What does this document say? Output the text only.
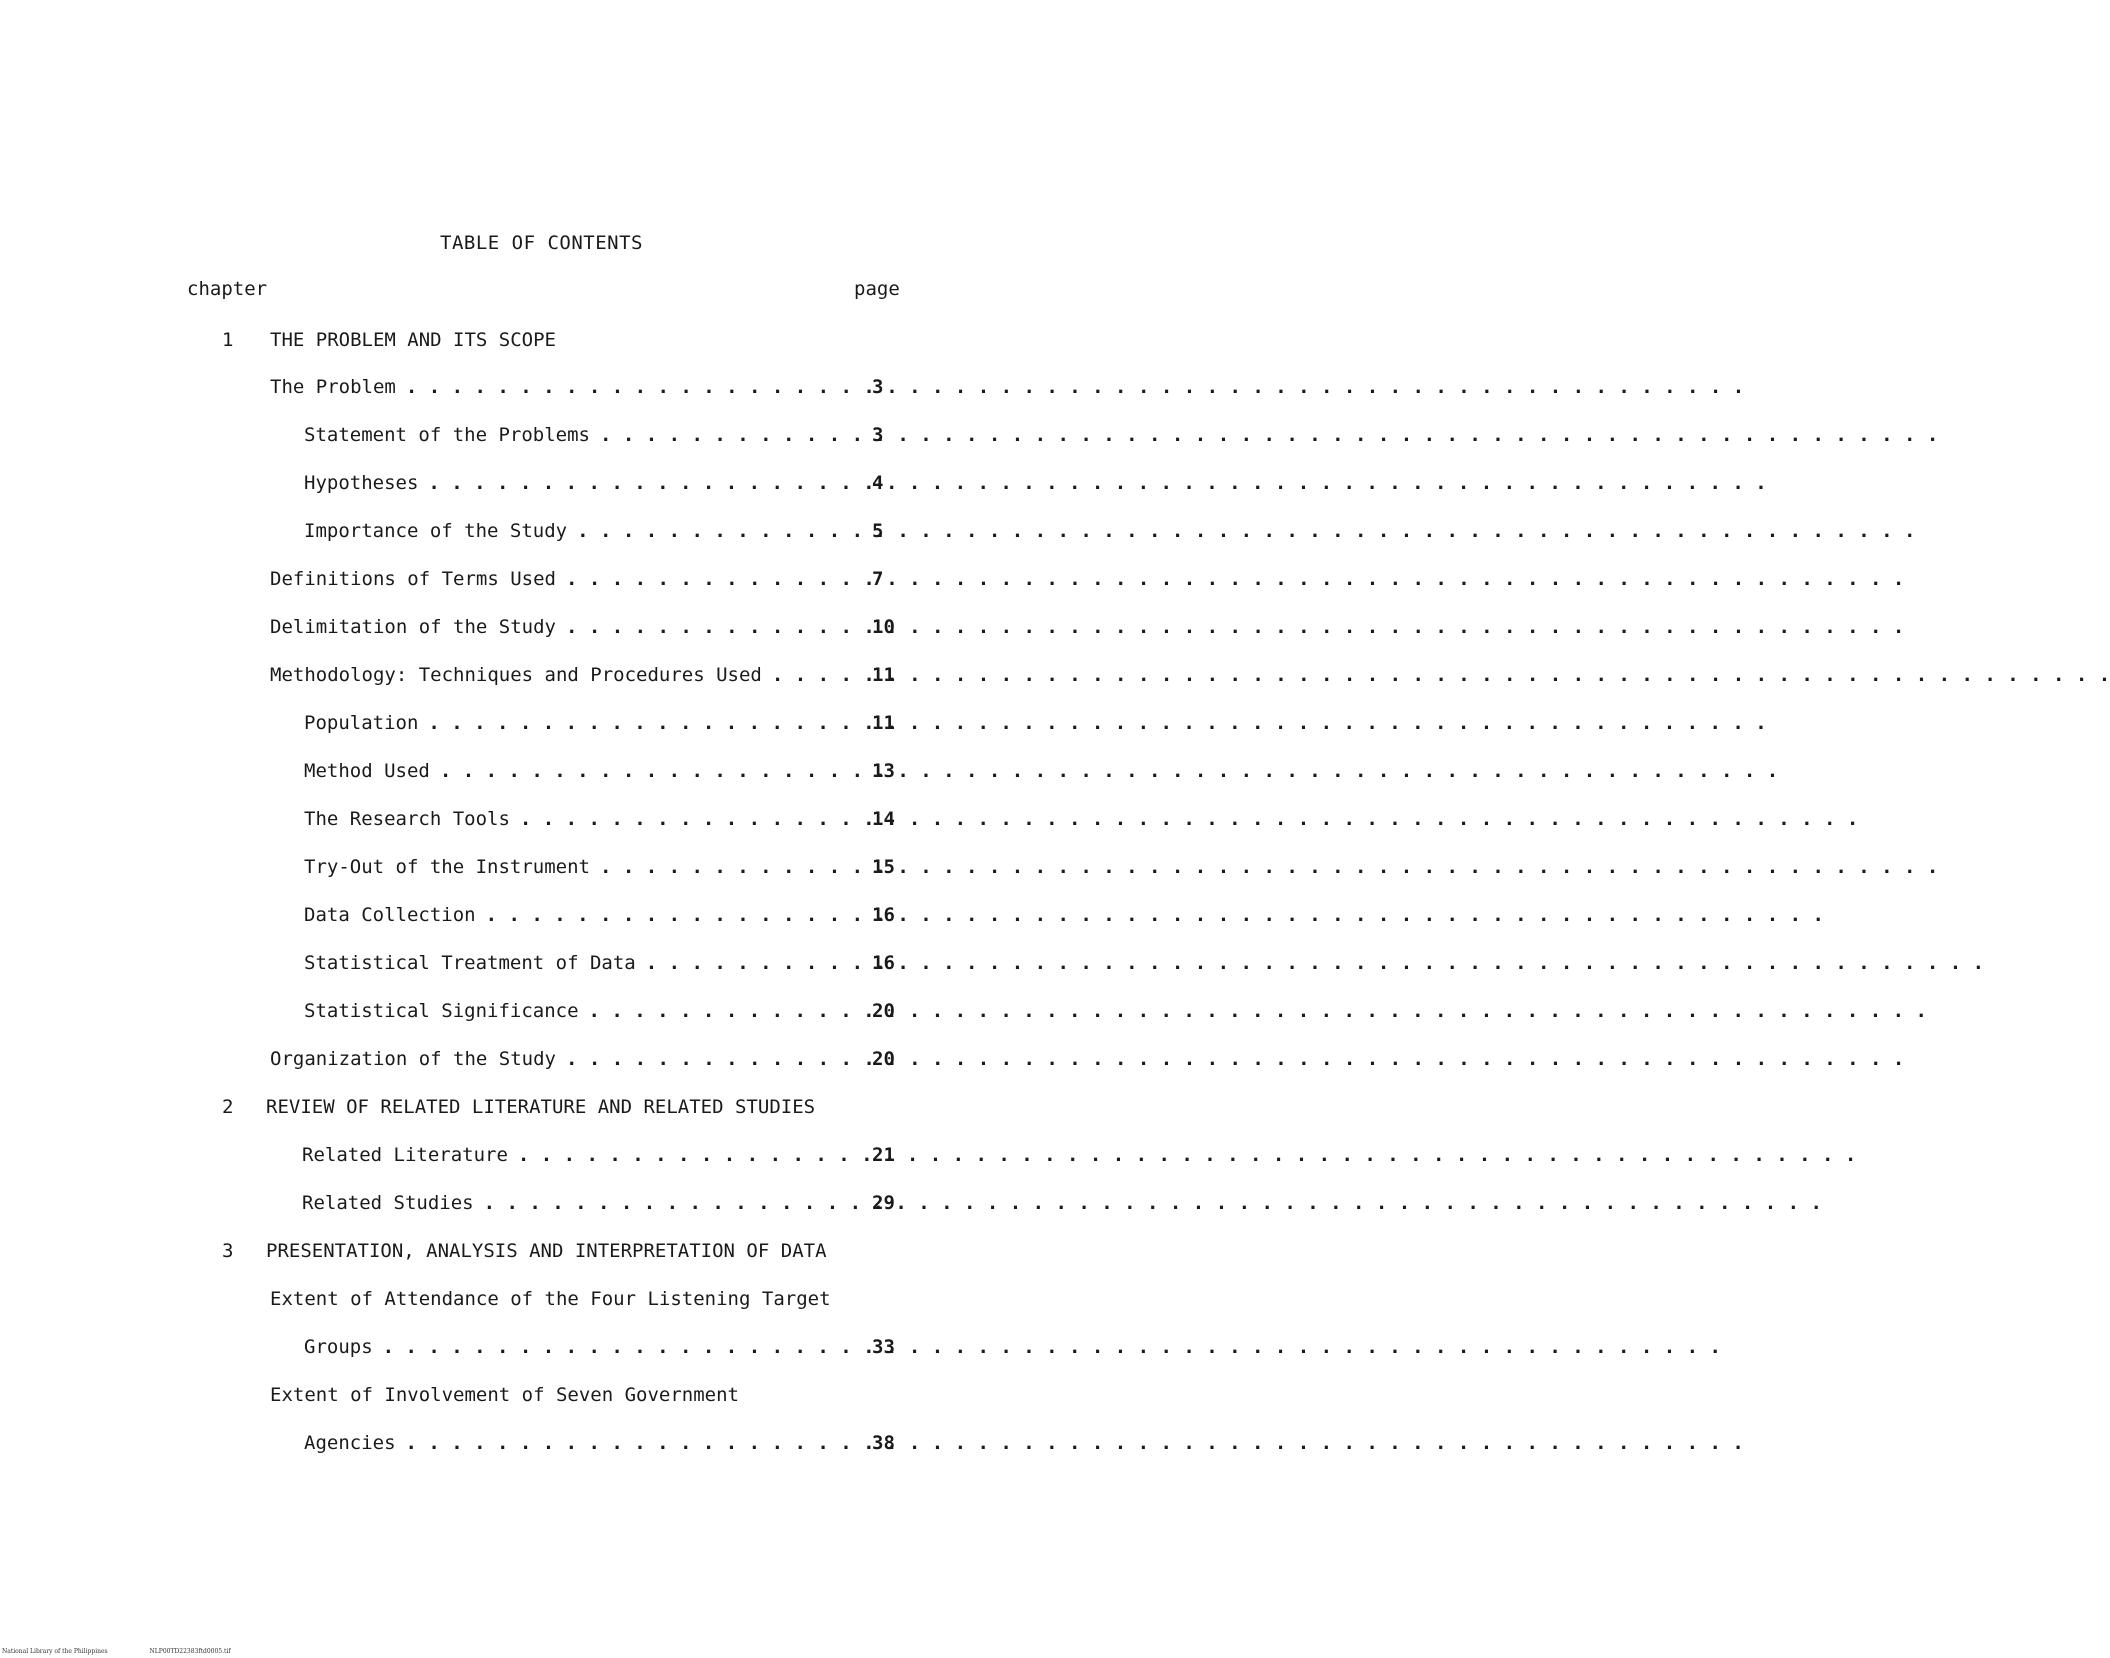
TABLE OF CONTENTS
chapter	page
1	THE PROBLEM AND ITS SCOPE
The Problem . . .	3
Statement of the Problems . . .	3
Hypotheses . . .	4
Importance of the Study . . .	5
Definitions of Terms Used . . .	7
Delimitation of the Study . . .	10
Methodology: Techniques and Procedures Used . . .	11
Population . . .	11
Method Used . . .	13
The Research Tools . . .	14
Try-Out of the Instrument . . .	15
Data Collection . . .	16
Statistical Treatment of Data . . .	16
Statistical Significance . . .	20
Organization of the Study . . .	20
2	REVIEW OF RELATED LITERATURE AND RELATED STUDIES
Related Literature . . .	21
Related Studies . . .	29
3	PRESENTATION, ANALYSIS AND INTERPRETATION OF DATA
Extent of Attendance of the Four Listening Target
Groups . . .	33
Extent of Involvement of Seven Government
Agencies . . .	38
National Library of the Philippines	NLP00TD22383ftd0005.tif
